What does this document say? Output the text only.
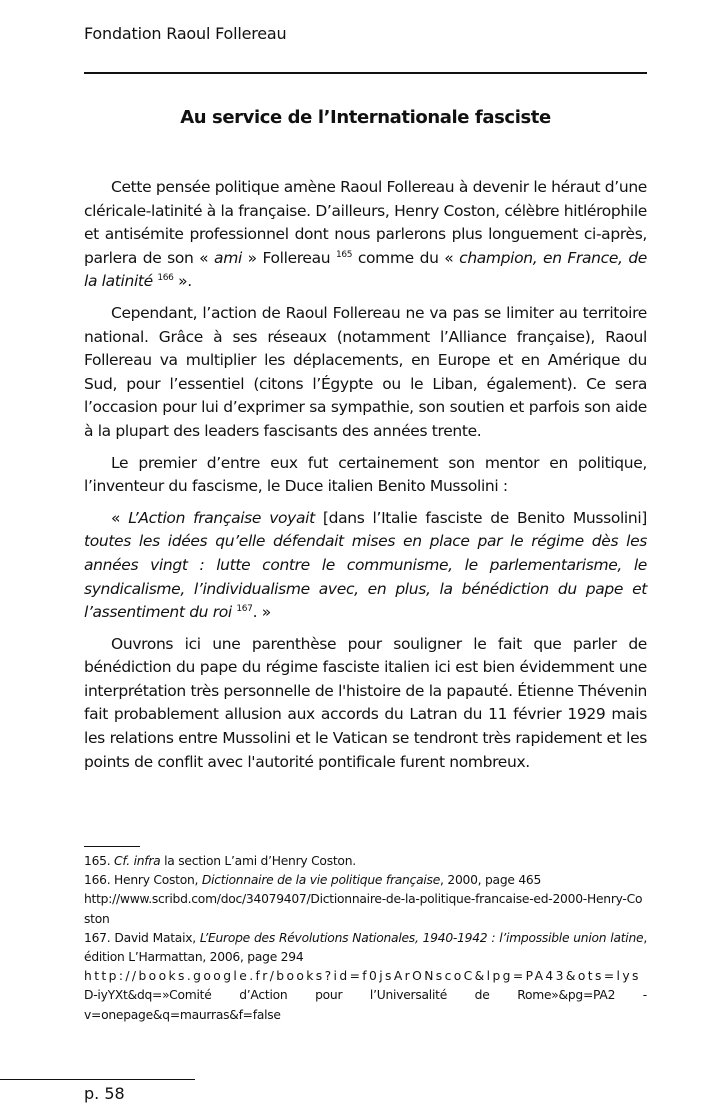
Fondation Raoul Follereau
Au service de l’Internationale fasciste

Cette pensée politique amène Raoul Follereau à devenir le héraut d’une cléricale-latinité à la française. D’ailleurs, Henry Coston, célèbre hitlérophile et antisémite professionnel dont nous parlerons plus longuement ci-après, parlera de son « ami » Follereau $^{165}$ comme du « champion, en France, de la latinité $^{166}$ ».

Cependant, l’action de Raoul Follereau ne va pas se limiter au territoire national. Grâce à ses réseaux (notamment l’Alliance française), Raoul Follereau va multiplier les déplacements, en Europe et en Amérique du Sud, pour l’essentiel (citons l’Égypte ou le Liban, également). Ce sera l’occasion pour lui d’exprimer sa sympathie, son soutien et parfois son aide à la plupart des leaders fascisants des années trente.

Le premier d’entre eux fut certainement son mentor en politique, l’inventeur du fascisme, le Duce italien Benito Mussolini :

« L’Action française voyait [dans l’Italie fasciste de Benito Mussolini] toutes les idées qu’elle défendait mises en place par le régime dès les années vingt : lutte contre le communisme, le parlementarisme, le syndicalisme, l’individualisme avec, en plus, la bénédiction du pape et l’assentiment du roi $^{167}$. »

Ouvrons ici une parenthèse pour souligner le fait que parler de bénédiction du pape du régime fasciste italien ici est bien évidemment une interprétation très personnelle de l'histoire de la papauté. Étienne Thévenin fait probablement allusion aux accords du Latran du 11 février 1929 mais les relations entre Mussolini et le Vatican se tendront très rapidement et les points de conflit avec l'autorité pontificale furent nombreux.

165. Cf. infra la section L’ami d’Henry Coston.

166. Henry Coston, Dictionnaire de la vie politique française, 2000, page 465

http://www.scribd.com/doc/34079407/Dictionnaire-de-la-politique-francaise-ed-2000-Henry-Coston

167. David Mataix, L’Europe des Révolutions Nationales, 1940-1942 : l’impossible union latine, édition L’Harmattan, 2006, page 294

http://books.google.fr/books?id=f0jsArONscoC&lpg=PA43&ots=lys

D-iyYXt&dq=»Comité d’Action pour l’Universalité de Rome»&pg=PA2 -v=onepage&q=maurras&f=false

p. 58
